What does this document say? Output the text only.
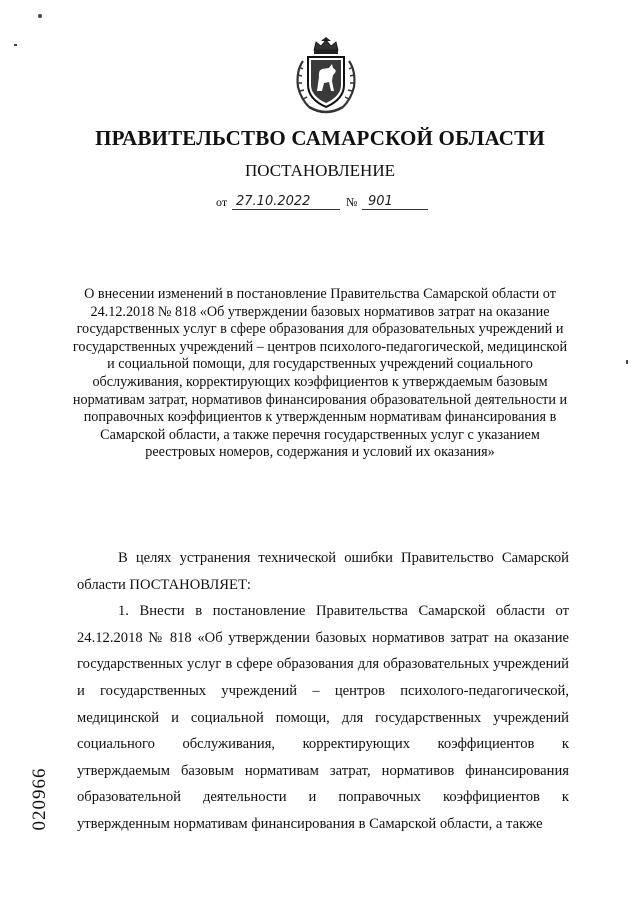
ПРАВИТЕЛЬСТВО САМАРСКОЙ ОБЛАСТИ
ПОСТАНОВЛЕНИЕ
от 27.10.2022	№ 901
О внесении изменений в постановление Правительства Самарской области от 24.12.2018 № 818 «Об утверждении базовых нормативов затрат на оказание государственных услуг в сфере образования для образовательных учреждений и государственных учреждений – центров психолого-педагогической, медицинской и социальной помощи, для государственных учреждений социального обслуживания, корректирующих коэффициентов к утверждаемым базовым нормативам затрат, нормативов финансирования образовательной деятельности и поправочных коэффициентов к утвержденным нормативам финансирования в Самарской области, а также перечня государственных услуг с указанием реестровых номеров, содержания и условий их оказания»
В целях устранения технической ошибки Правительство Самарской области ПОСТАНОВЛЯЕТ:
1. Внести в постановление Правительства Самарской области от 24.12.2018 № 818 «Об утверждении базовых нормативов затрат на оказание государственных услуг в сфере образования для образовательных учреждений и государственных учреждений – центров психолого-педагогической, медицинской и социальной помощи, для государственных учреждений социального обслуживания, корректирующих коэффициентов к утверждаемым базовым нормативам затрат, нормативов финансирования образовательной деятельности и поправочных коэффициентов к утвержденным нормативам финансирования в Самарской области, а также
020966
